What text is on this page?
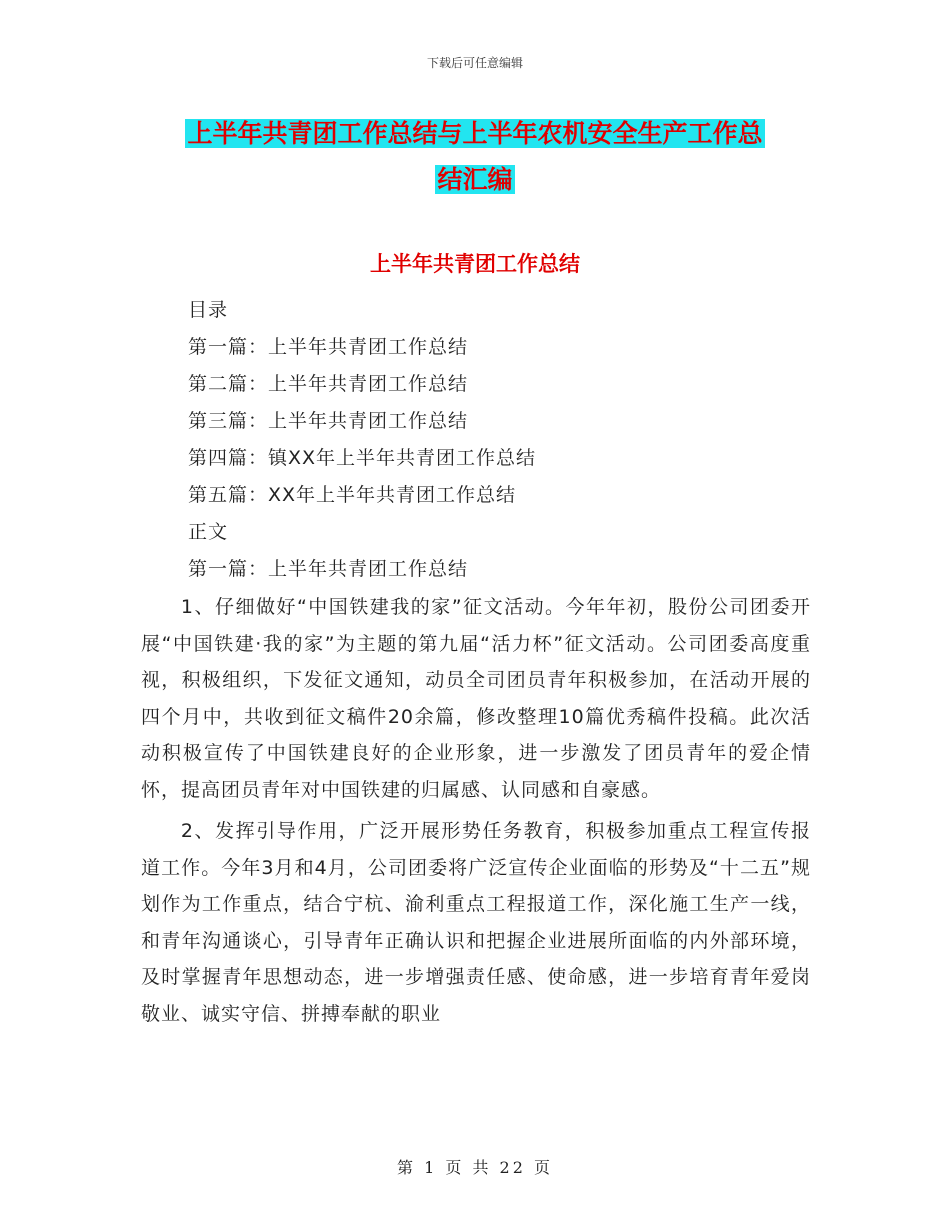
下载后可任意编辑
上半年共青团工作总结与上半年农机安全生产工作总
结汇编
上半年共青团工作总结
目录
第一篇：上半年共青团工作总结
第二篇：上半年共青团工作总结
第三篇：上半年共青团工作总结
第四篇：镇XX年上半年共青团工作总结
第五篇：XX年上半年共青团工作总结
正文
第一篇：上半年共青团工作总结

1、仔细做好“中国铁建我的家”征文活动。今年年初，股份公司团委开展“中国铁建·我的家”为主题的第九届“活力杯”征文活动。公司团委高度重视，积极组织，下发征文通知，动员全司团员青年积极参加，在活动开展的四个月中，共收到征文稿件20余篇，修改整理10篇优秀稿件投稿。此次活动积极宣传了中国铁建良好的企业形象，进一步激发了团员青年的爱企情怀，提高团员青年对中国铁建的归属感、认同感和自豪感。

2、发挥引导作用，广泛开展形势任务教育，积极参加重点工程宣传报道工作。今年3月和4月，公司团委将广泛宣传企业面临的形势及“十二五”规划作为工作重点，结合宁杭、渝利重点工程报道工作，深化施工生产一线，和青年沟通谈心，引导青年正确认识和把握企业进展所面临的内外部环境，及时掌握青年思想动态，进一步增强责任感、使命感，进一步培育青年爱岗敬业、诚实守信、拼搏奉献的职业

第 1 页 共 22 页
